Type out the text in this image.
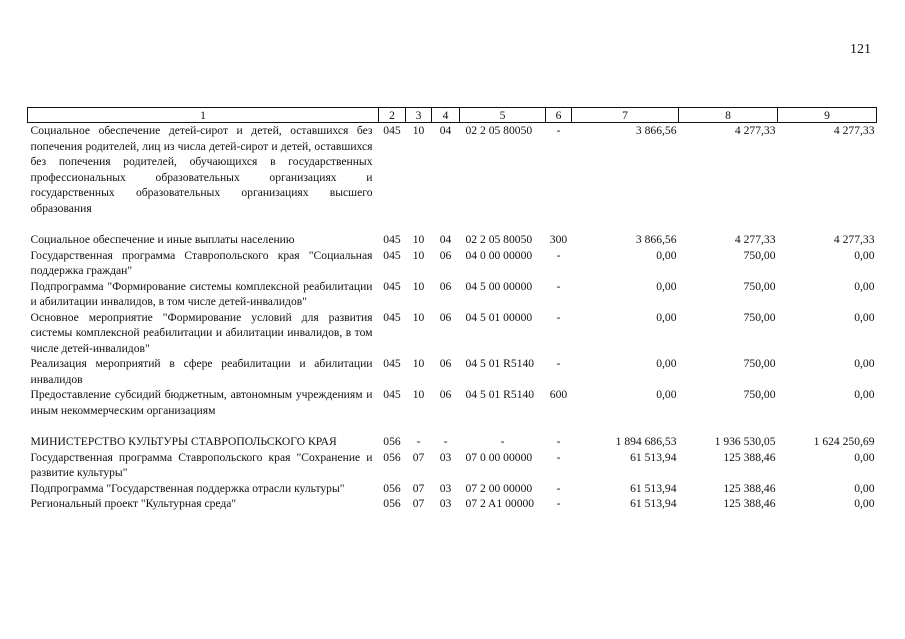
121
1	2	3	4	5	6	7	8	9
Социальное обеспечение детей-сирот и детей, оставшихся без попечения родителей, лиц из числа детей-сирот и детей, оставшихся без попечения родителей, обучающихся в государственных профессиональных образовательных организациях и государственных образовательных организациях высшего образования	045	10	04	02 2 05 80050	-	3 866,56	4 277,33	4 277,33

Социальное обеспечение и иные выплаты населению	045	10	04	02 2 05 80050	300	3 866,56	4 277,33	4 277,33
Государственная программа Ставропольского края "Социальная поддержка граждан"	045	10	06	04 0 00 00000	-	0,00	750,00	0,00
Подпрограмма "Формирование системы комплексной реабилитации и абилитации инвалидов, в том числе детей-инвалидов"	045	10	06	04 5 00 00000	-	0,00	750,00	0,00
Основное мероприятие "Формирование условий для развития системы комплексной реабилитации и абилитации инвалидов, в том числе детей-инвалидов"	045	10	06	04 5 01 00000	-	0,00	750,00	0,00
Реализация мероприятий в сфере реабилитации и абилитации инвалидов	045	10	06	04 5 01 R5140	-	0,00	750,00	0,00
Предоставление субсидий бюджетным, автономным учреждениям и иным некоммерческим организациям	045	10	06	04 5 01 R5140	600	0,00	750,00	0,00

МИНИСТЕРСТВО КУЛЬТУРЫ СТАВРОПОЛЬСКОГО КРАЯ	056	-	-	-	-	1 894 686,53	1 936 530,05	1 624 250,69
Государственная программа Ставропольского края "Сохранение и развитие культуры"	056	07	03	07 0 00 00000	-	61 513,94	125 388,46	0,00
Подпрограмма "Государственная поддержка отрасли культуры"	056	07	03	07 2 00 00000	-	61 513,94	125 388,46	0,00
Региональный проект "Культурная среда"	056	07	03	07 2 A1 00000	-	61 513,94	125 388,46	0,00
